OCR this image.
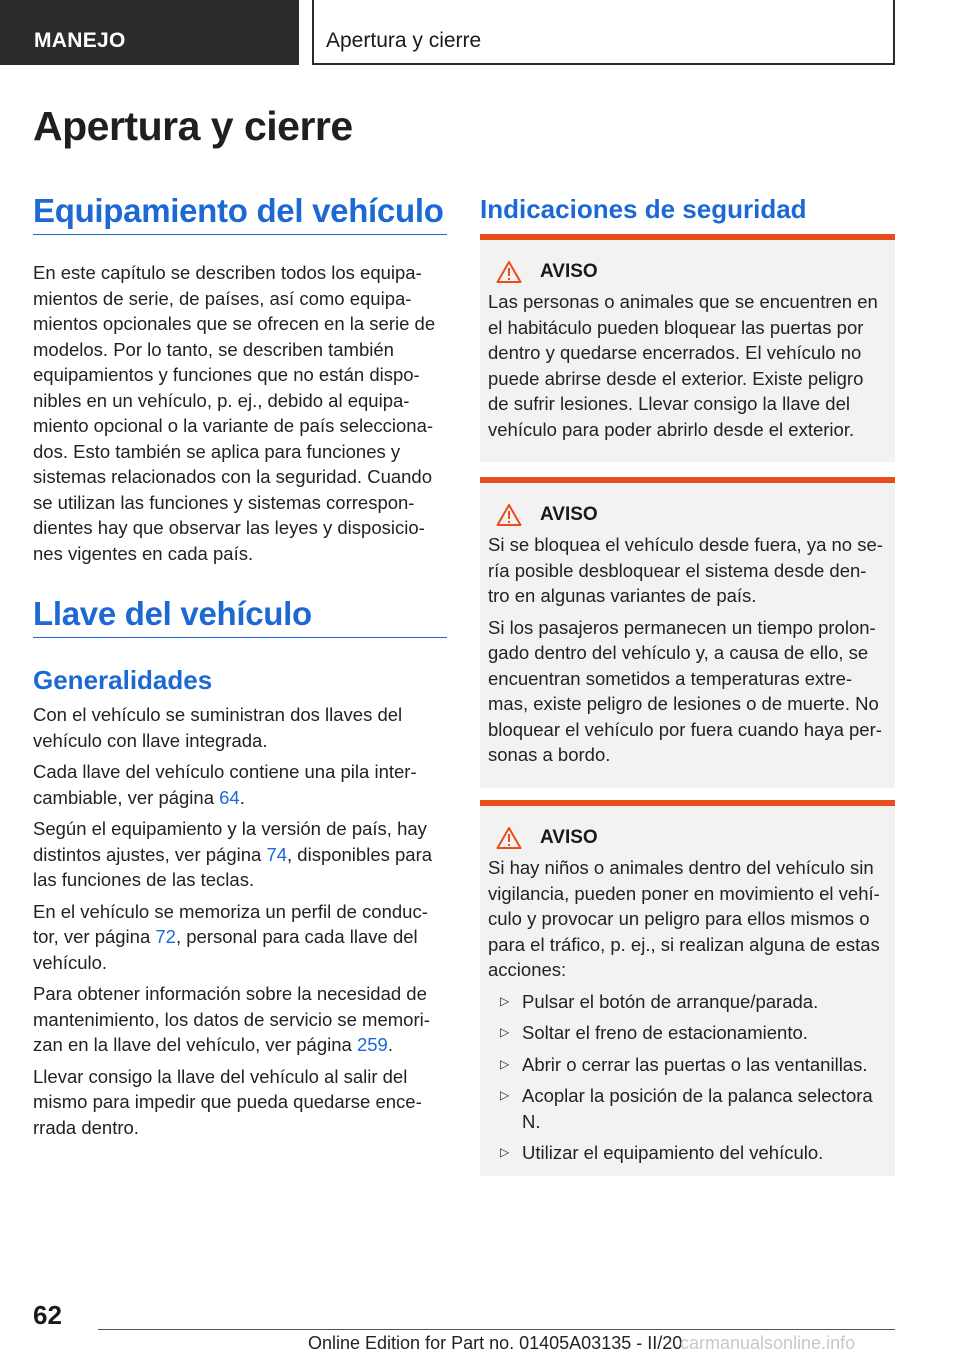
MANEJO	Apertura y cierre
Apertura y cierre
Equipamiento del vehículo

En este capítulo se describen todos los equipa-mientos de serie, de países, así como equipa-mientos opcionales que se ofrecen en la serie de modelos. Por lo tanto, se describen también equipamientos y funciones que no están dispo-nibles en un vehículo, p. ej., debido al equipa-miento opcional o la variante de país selecciona-dos. Esto también se aplica para funciones y sistemas relacionados con la seguridad. Cuando se utilizan las funciones y sistemas correspon-dientes hay que observar las leyes y disposicio-nes vigentes en cada país.

Llave del vehículo
Generalidades

Con el vehículo se suministran dos llaves del vehículo con llave integrada.

Cada llave del vehículo contiene una pila inter-cambiable, ver página 64.

Según el equipamiento y la versión de país, hay distintos ajustes, ver página 74, disponibles para las funciones de las teclas.

En el vehículo se memoriza un perfil de conduc-tor, ver página 72, personal para cada llave del vehículo.

Para obtener información sobre la necesidad de mantenimiento, los datos de servicio se memori-zan en la llave del vehículo, ver página 259.

Llevar consigo la llave del vehículo al salir del mismo para impedir que pueda quedarse ence-rrada dentro.

Indicaciones de seguridad
AVISO

Las personas o animales que se encuentren en el habitáculo pueden bloquear las puertas por dentro y quedarse encerrados. El vehículo no puede abrirse desde el exterior. Existe peligro de sufrir lesiones. Llevar consigo la llave del vehículo para poder abrirlo desde el exterior.

AVISO

Si se bloquea el vehículo desde fuera, ya no se-ría posible desbloquear el sistema desde den-tro en algunas variantes de país.

Si los pasajeros permanecen un tiempo prolon-gado dentro del vehículo y, a causa de ello, se encuentran sometidos a temperaturas extre-mas, existe peligro de lesiones o de muerte. No bloquear el vehículo por fuera cuando haya per-sonas a bordo.

AVISO

Si hay niños o animales dentro del vehículo sin vigilancia, pueden poner en movimiento el vehí-culo y provocar un peligro para ellos mismos o para el tráfico, p. ej., si realizan alguna de estas acciones:

▷ Pulsar el botón de arranque/parada.
▷ Soltar el freno de estacionamiento.
▷ Abrir o cerrar las puertas o las ventanillas.
▷ Acoplar la posición de la palanca selectora N.
▷ Utilizar el equipamiento del vehículo.
62
Online Edition for Part no. 01405A03135 - II/20
carmanualsonline.info
